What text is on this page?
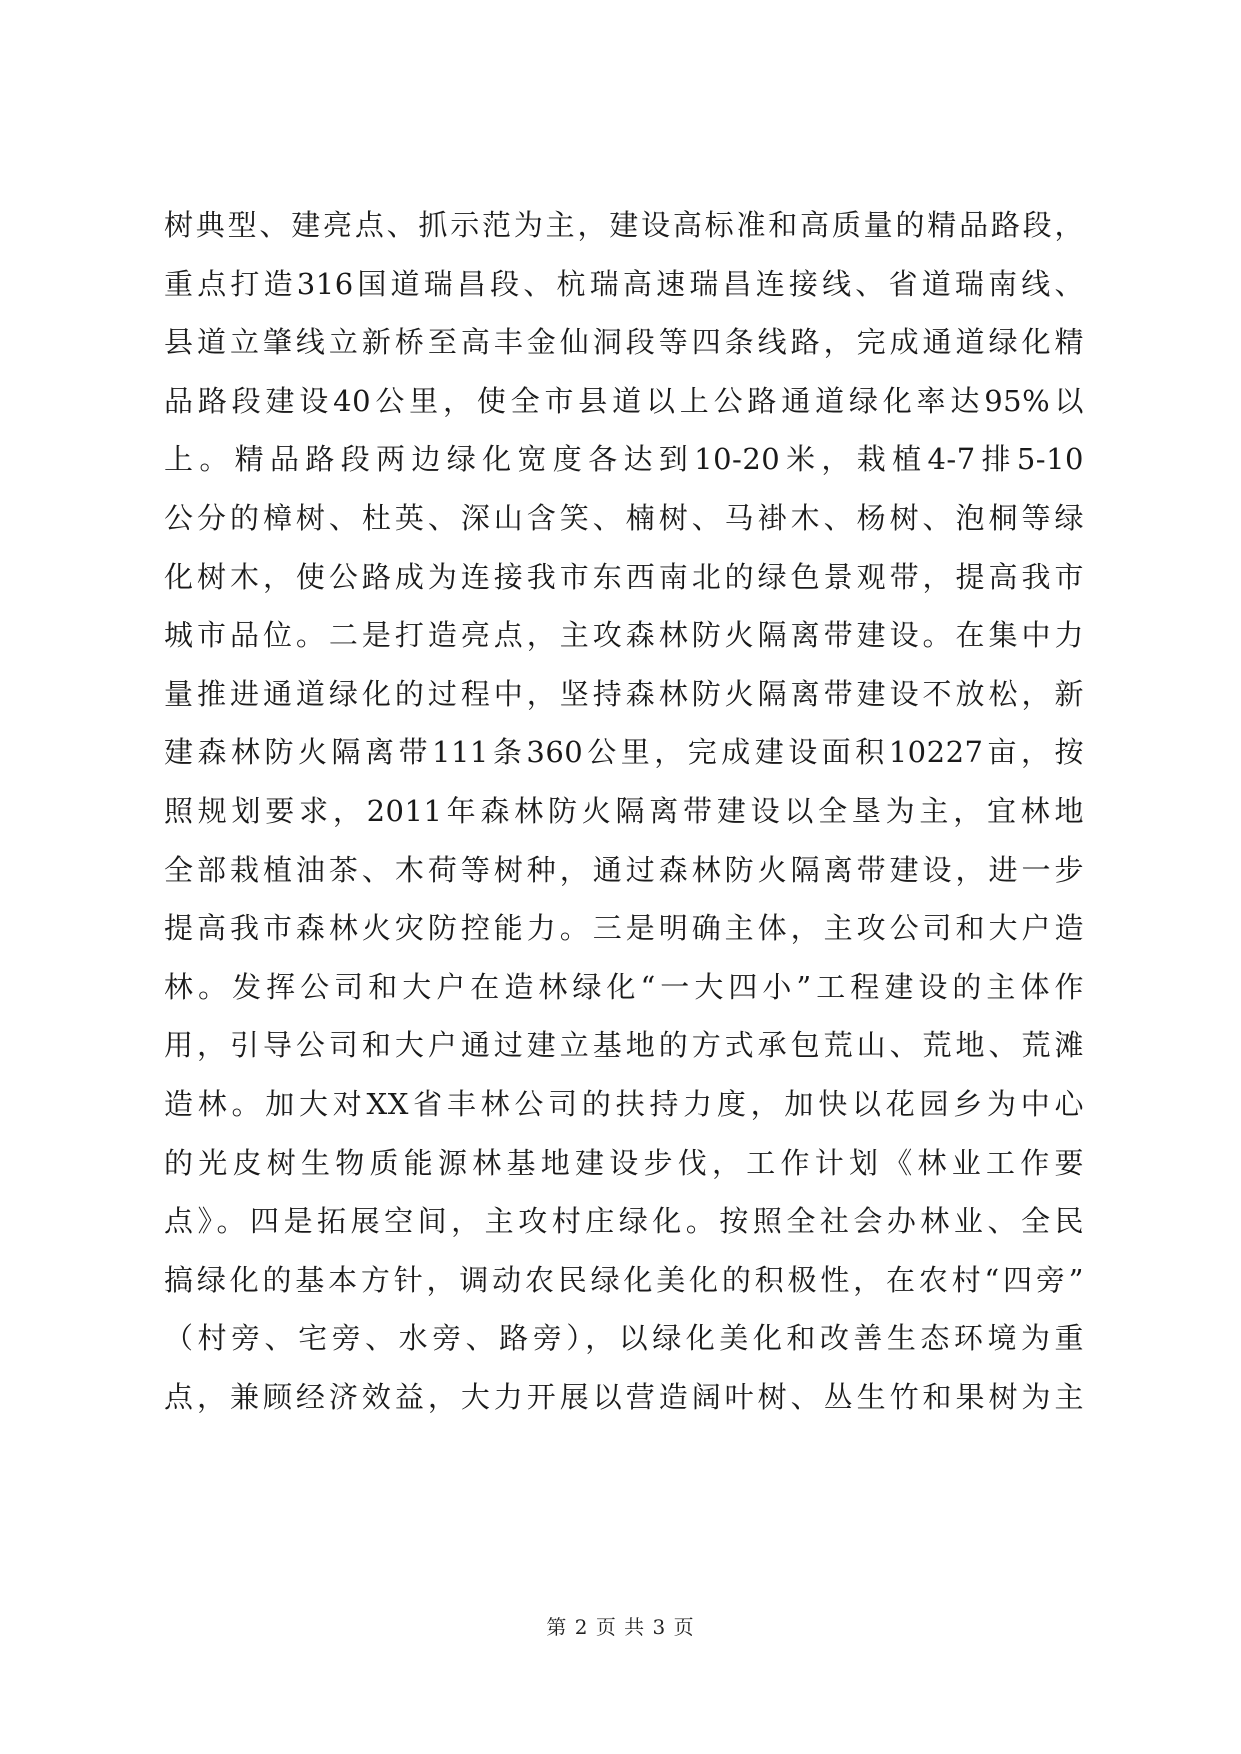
树典型、建亮点、抓示范为主，建设高标准和高质量的精品路段，
重点打造316国道瑞昌段、杭瑞高速瑞昌连接线、省道瑞南线、
县道立肇线立新桥至高丰金仙洞段等四条线路，完成通道绿化精
品路段建设40公里，使全市县道以上公路通道绿化率达95%以
上。精品路段两边绿化宽度各达到10-20米，栽植4-7排5-10
公分的樟树、杜英、深山含笑、楠树、马褂木、杨树、泡桐等绿
化树木，使公路成为连接我市东西南北的绿色景观带，提高我市
城市品位。二是打造亮点，主攻森林防火隔离带建设。在集中力
量推进通道绿化的过程中，坚持森林防火隔离带建设不放松，新
建森林防火隔离带111条360公里，完成建设面积10227亩，按
照规划要求，2011年森林防火隔离带建设以全垦为主，宜林地
全部栽植油茶、木荷等树种，通过森林防火隔离带建设，进一步
提高我市森林火灾防控能力。三是明确主体，主攻公司和大户造
林。发挥公司和大户在造林绿化“一大四小”工程建设的主体作
用，引导公司和大户通过建立基地的方式承包荒山、荒地、荒滩
造林。加大对XX省丰林公司的扶持力度，加快以花园乡为中心
的光皮树生物质能源林基地建设步伐，工作计划《林业工作要
点》。四是拓展空间，主攻村庄绿化。按照全社会办林业、全民
搞绿化的基本方针，调动农民绿化美化的积极性，在农村“四旁”
（村旁、宅旁、水旁、路旁），以绿化美化和改善生态环境为重
点，兼顾经济效益，大力开展以营造阔叶树、丛生竹和果树为主
第 2 页 共 3 页
